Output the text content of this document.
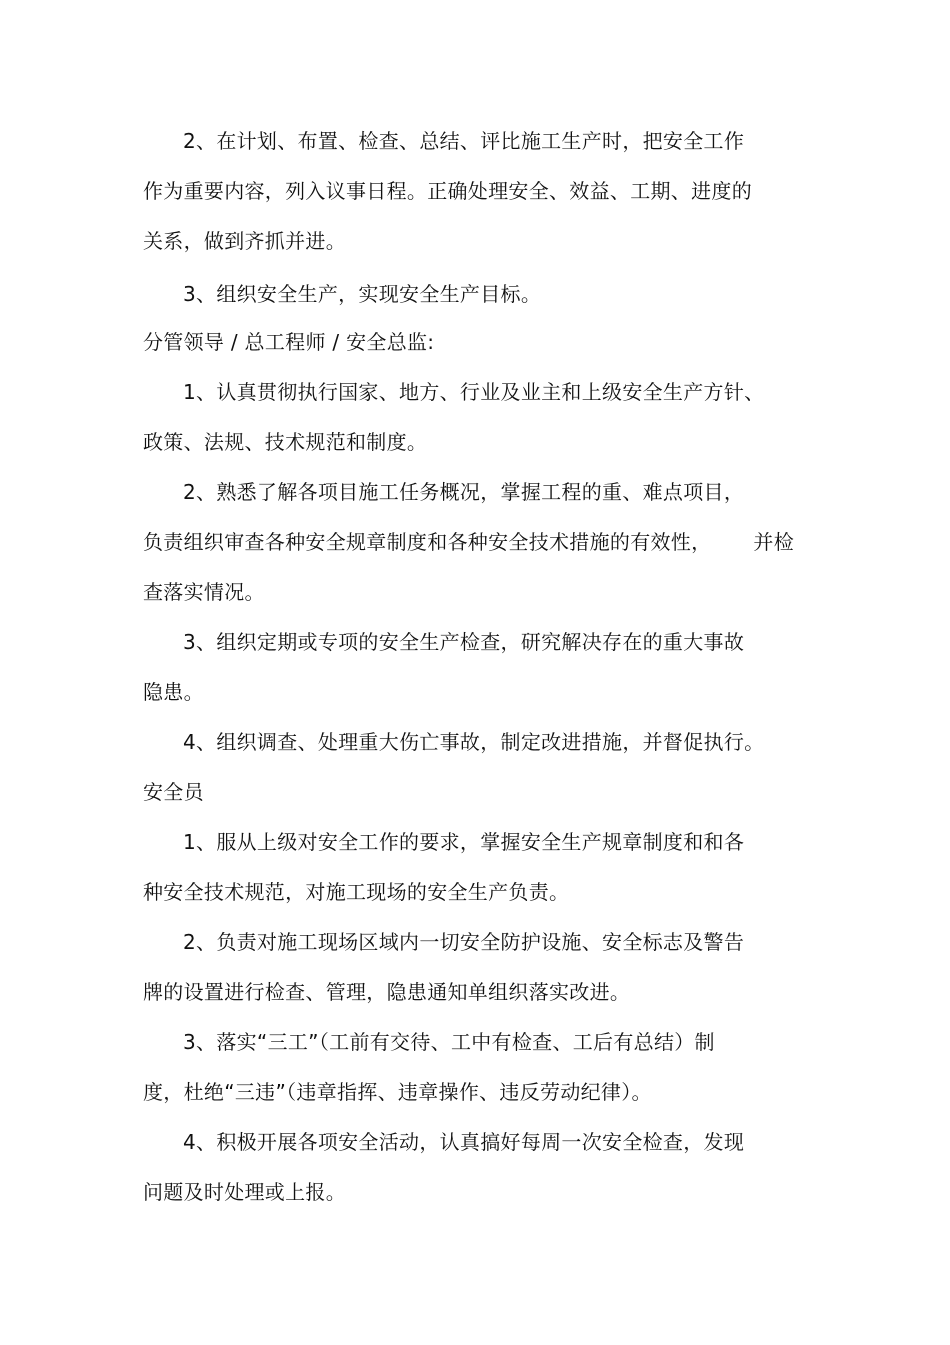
2、在计划、布置、检查、总结、评比施工生产时，把安全工作
作为重要内容，列入议事日程。正确处理安全、效益、工期、进度的
关系，做到齐抓并进。
3、组织安全生产，实现安全生产目标。
分管领导 / 总工程师 / 安全总监:
1、认真贯彻执行国家、地方、行业及业主和上级安全生产方针、
政策、法规、技术规范和制度。
2、熟悉了解各项目施工任务概况，掌握工程的重、难点项目，
负责组织审查各种安全规章制度和各种安全技术措施的有效性， 并检
查落实情况。
3、组织定期或专项的安全生产检查，研究解决存在的重大事故
隐患。
4、组织调查、处理重大伤亡事故，制定改进措施，并督促执行。
安全员
1、服从上级对安全工作的要求，掌握安全生产规章制度和和各
种安全技术规范，对施工现场的安全生产负责。
2、负责对施工现场区域内一切安全防护设施、安全标志及警告
牌的设置进行检查、管理，隐患通知单组织落实改进。
3、落实“三工”（工前有交待、工中有检查、工后有总结）制
度，杜绝“三违”（违章指挥、违章操作、违反劳动纪律）。
4、积极开展各项安全活动，认真搞好每周一次安全检查，发现
问题及时处理或上报。
